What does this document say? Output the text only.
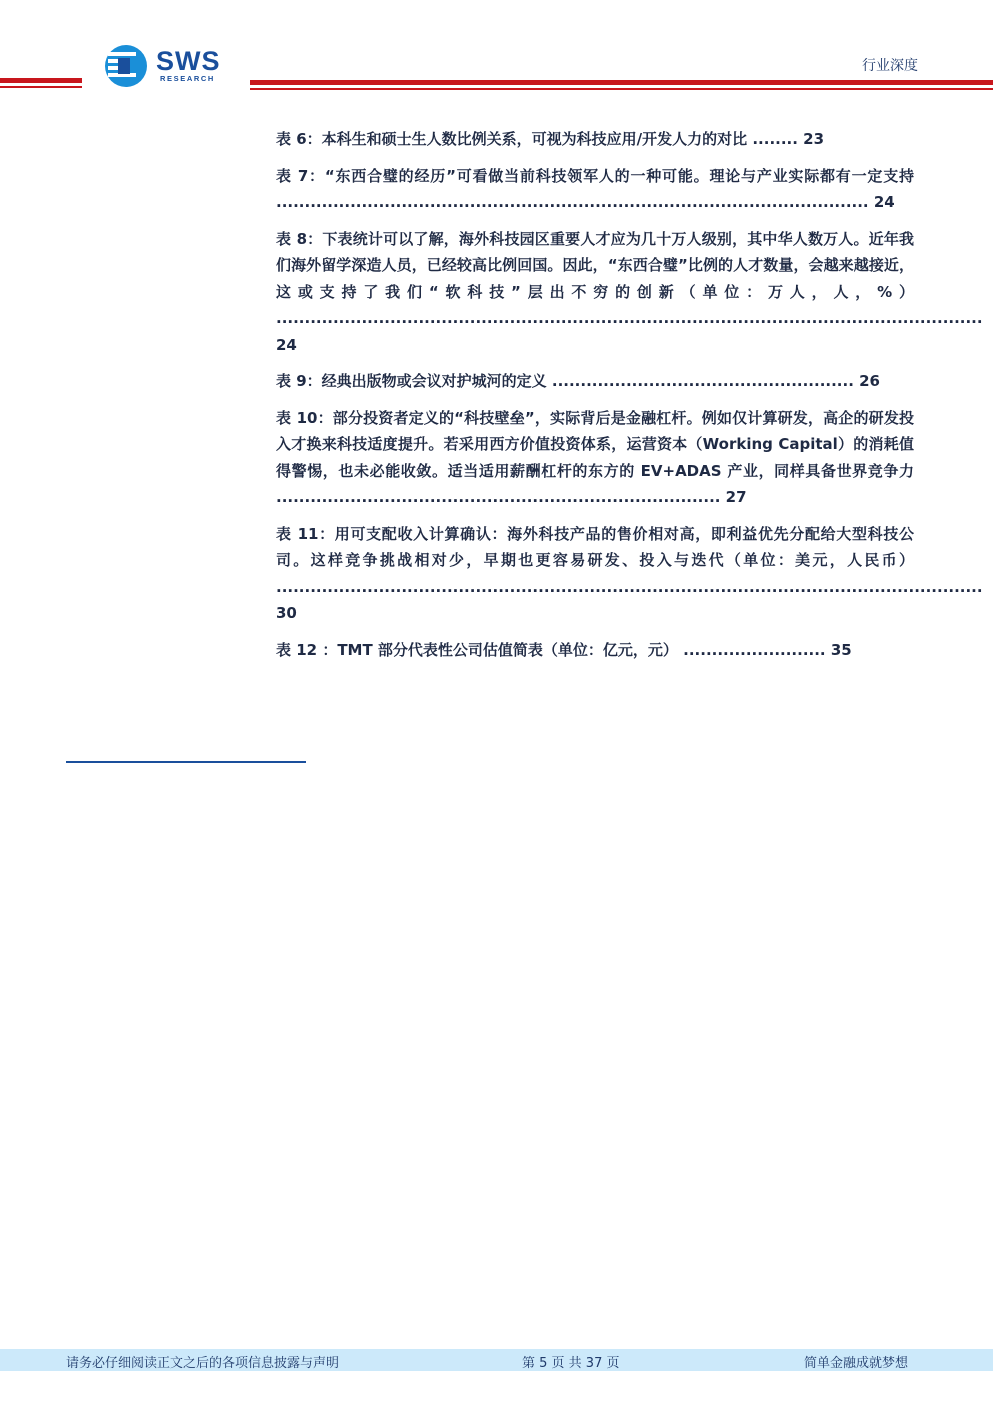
SWS
RESEARCH
行业深度
表 6：本科生和硕士生人数比例关系，可视为科技应用/开发人力的对比 ........ 23
表 7：“东西合璧的经历”可看做当前科技领军人的一种可能。理论与产业实际都有一定支持 ........................................................................................................ 24
表 8：下表统计可以了解，海外科技园区重要人才应为几十万人级别，其中华人数万人。近年我们海外留学深造人员，已经较高比例回国。因此，“东西合璧”比例的人才数量，会越来越接近，这或支持了我们“软科技”层出不穷的创新（单位：万人，人，%） ............................................................................................................................ 24
表 9：经典出版物或会议对护城河的定义 ..................................................... 26
表 10：部分投资者定义的“科技壁垒”，实际背后是金融杠杆。例如仅计算研发，高企的研发投入才换来科技适度提升。若采用西方价值投资体系，运营资本（Working Capital）的消耗值得警惕，也未必能收敛。适当适用薪酬杠杆的东方的 EV+ADAS 产业，同样具备世界竞争力 .............................................................................. 27
表 11：用可支配收入计算确认：海外科技产品的售价相对高，即利益优先分配给大型科技公司。这样竞争挑战相对少，早期也更容易研发、投入与迭代（单位：美元，人民币） ............................................................................................................................ 30
表 12 ：TMT 部分代表性公司估值简表（单位：亿元，元） ......................... 35
请务必仔细阅读正文之后的各项信息披露与声明	第 5 页 共 37 页	简单金融成就梦想
